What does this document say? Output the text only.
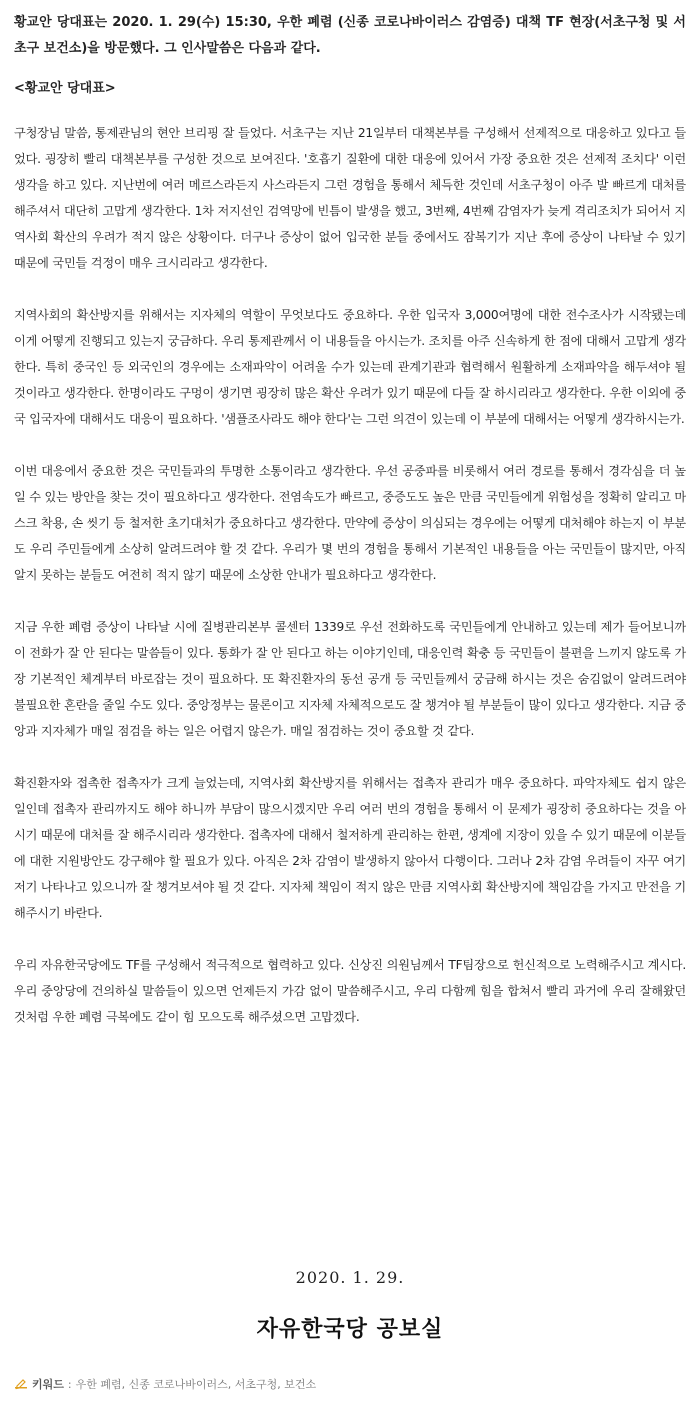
황교안 당대표는 2020. 1. 29(수) 15:30, 우한 폐렴 (신종 코로나바이러스 감염증) 대책 TF 현장(서초구청 및 서초구 보건소)을 방문했다. 그 인사말씀은 다음과 같다.

<황교안 당대표>

구청장님 말씀, 통제관님의 현안 브리핑 잘 들었다. 서초구는 지난 21일부터 대책본부를 구성해서 선제적으로 대응하고 있다고 들었다. 굉장히 빨리 대책본부를 구성한 것으로 보여진다. '호흡기 질환에 대한 대응에 있어서 가장 중요한 것은 선제적 조치다' 이런 생각을 하고 있다. 지난번에 여러 메르스라든지 사스라든지 그런 경험을 통해서 체득한 것인데 서초구청이 아주 발 빠르게 대처를 해주셔서 대단히 고맙게 생각한다. 1차 저지선인 검역망에 빈틈이 발생을 했고, 3번째, 4번째 감염자가 늦게 격리조치가 되어서 지역사회 확산의 우려가 적지 않은 상황이다. 더구나 증상이 없어 입국한 분들 중에서도 잠복기가 지난 후에 증상이 나타날 수 있기 때문에 국민들 걱정이 매우 크시리라고 생각한다.

지역사회의 확산방지를 위해서는 지자체의 역할이 무엇보다도 중요하다. 우한 입국자 3,000여명에 대한 전수조사가 시작됐는데 이게 어떻게 진행되고 있는지 궁금하다. 우리 통제관께서 이 내용들을 아시는가. 조치를 아주 신속하게 한 점에 대해서 고맙게 생각한다. 특히 중국인 등 외국인의 경우에는 소재파악이 어려울 수가 있는데 관계기관과 협력해서 원활하게 소재파악을 해두셔야 될 것이라고 생각한다. 한명이라도 구멍이 생기면 굉장히 많은 확산 우려가 있기 때문에 다들 잘 하시리라고 생각한다. 우한 이외에 중국 입국자에 대해서도 대응이 필요하다. '샘플조사라도 해야 한다'는 그런 의견이 있는데 이 부분에 대해서는 어떻게 생각하시는가.

이번 대응에서 중요한 것은 국민들과의 투명한 소통이라고 생각한다. 우선 공중파를 비롯해서 여러 경로를 통해서 경각심을 더 높일 수 있는 방안을 찾는 것이 필요하다고 생각한다. 전염속도가 빠르고, 중증도도 높은 만큼 국민들에게 위험성을 정확히 알리고 마스크 착용, 손 씻기 등 철저한 초기대처가 중요하다고 생각한다. 만약에 증상이 의심되는 경우에는 어떻게 대처해야 하는지 이 부분도 우리 주민들에게 소상히 알려드려야 할 것 같다. 우리가 몇 번의 경험을 통해서 기본적인 내용들을 아는 국민들이 많지만, 아직 알지 못하는 분들도 여전히 적지 않기 때문에 소상한 안내가 필요하다고 생각한다.

지금 우한 폐렴 증상이 나타날 시에 질병관리본부 콜센터 1339로 우선 전화하도록 국민들에게 안내하고 있는데 제가 들어보니까 이 전화가 잘 안 된다는 말씀들이 있다. 통화가 잘 안 된다고 하는 이야기인데, 대응인력 확충 등 국민들이 불편을 느끼지 않도록 가장 기본적인 체계부터 바로잡는 것이 필요하다. 또 확진환자의 동선 공개 등 국민들께서 궁금해 하시는 것은 숨김없이 알려드려야 불필요한 혼란을 줄일 수도 있다. 중앙정부는 물론이고 지자체 자체적으로도 잘 챙겨야 될 부분들이 많이 있다고 생각한다. 지금 중앙과 지자체가 매일 점검을 하는 일은 어렵지 않은가. 매일 점검하는 것이 중요할 것 같다.

확진환자와 접촉한 접촉자가 크게 늘었는데, 지역사회 확산방지를 위해서는 접촉자 관리가 매우 중요하다. 파악자체도 쉽지 않은 일인데 접촉자 관리까지도 해야 하니까 부담이 많으시겠지만 우리 여러 번의 경험을 통해서 이 문제가 굉장히 중요하다는 것을 아시기 때문에 대처를 잘 해주시리라 생각한다. 접촉자에 대해서 철저하게 관리하는 한편, 생계에 지장이 있을 수 있기 때문에 이분들에 대한 지원방안도 강구해야 할 필요가 있다. 아직은 2차 감염이 발생하지 않아서 다행이다. 그러나 2차 감염 우려들이 자꾸 여기 저기 나타나고 있으니까 잘 챙겨보셔야 될 것 같다. 지자체 책임이 적지 않은 만큼 지역사회 확산방지에 책임감을 가지고 만전을 기해주시기 바란다.

우리 자유한국당에도 TF를 구성해서 적극적으로 협력하고 있다. 신상진 의원님께서 TF팀장으로 헌신적으로 노력해주시고 계시다. 우리 중앙당에 건의하실 말씀들이 있으면 언제든지 가감 없이 말씀해주시고, 우리 다함께 힘을 합쳐서 빨리 과거에 우리 잘해왔던 것처럼 우한 폐렴 극복에도 같이 힘 모으도록 해주셨으면 고맙겠다.

2020. 1. 29.
자유한국당 공보실
키워드 : 우한 폐렴, 신종 코로나바이러스, 서초구청, 보건소
